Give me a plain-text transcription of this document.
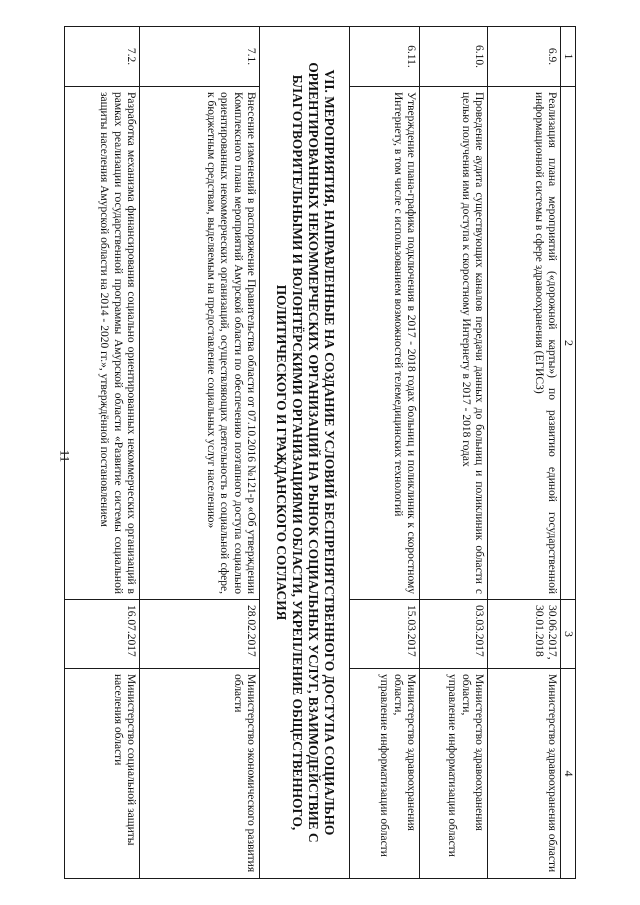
11
1	2	3	4
6.9.	Реализация плана мероприятий («дорожной карты») по развитию единой государственной информационной системы в сфере здравоохранения (ЕГИСЗ)	30.06.2017, 30.01.2018	Министерство здравоохранения области

6.10.	Проведение аудита существующих каналов передачи данных до больниц и поликлиник области с целью получения ими доступа к скоростному Интернету в 2017 - 2018 годах	03.03.2017	Министерство здравоохранения области,
управление информатизации области

6.11.	Утверждение плана-графика подключения в 2017 - 2018 годах больниц и поликлиник к скоростному Интернету, в том числе с использованием возможностей телемедицинских технологий	15.03.2017	Министерство здравоохранения области,
управление информатизации области

VII. МЕРОПРИЯТИЯ, НАПРАВЛЕННЫЕ НА СОЗДАНИЕ УСЛОВИЙ БЕСПРЕПЯТСТВЕННОГО ДОСТУПА СОЦИАЛЬНО ОРИЕНТИРОВАННЫХ НЕКОММЕРЧЕСКИХ ОРГАНИЗАЦИЙ НА РЫНОК СОЦИАЛЬНЫХ УСЛУГ, ВЗАИМОДЕЙСТВИЕ С БЛАГОТВОРИТЕЛЬНЫМИ И ВОЛОНТЁРСКИМИ ОРГАНИЗАЦИЯМИ ОБЛАСТИ, УКРЕПЛЕНИЕ ОБЩЕСТВЕННОГО, ПОЛИТИЧЕСКОГО И ГРАЖДАНСКОГО СОГЛАСИЯ			
7.1.	Внесение изменений в распоряжение Правительства области от 07.10.2016 №121-р «Об утверждении Комплексного плана мероприятий Амурской области по обеспечению поэтапного доступа социально ориентированных некоммерческих организаций, осуществляющих деятельность в социальной сфере, к бюджетным средствам, выделяемым на предоставление социальных услуг населению»	28.02.2017	Министерство экономического развития области

7.2.	Разработка механизма финансирования социально ориентированных некоммерческих организаций в рамках реализации государственной программы Амурской области «Развитие системы социальной защиты населения Амурской области на 2014 - 2020 гг.», утверждённой постановлением	16.07.2017	Министерство социальной защиты населения области
